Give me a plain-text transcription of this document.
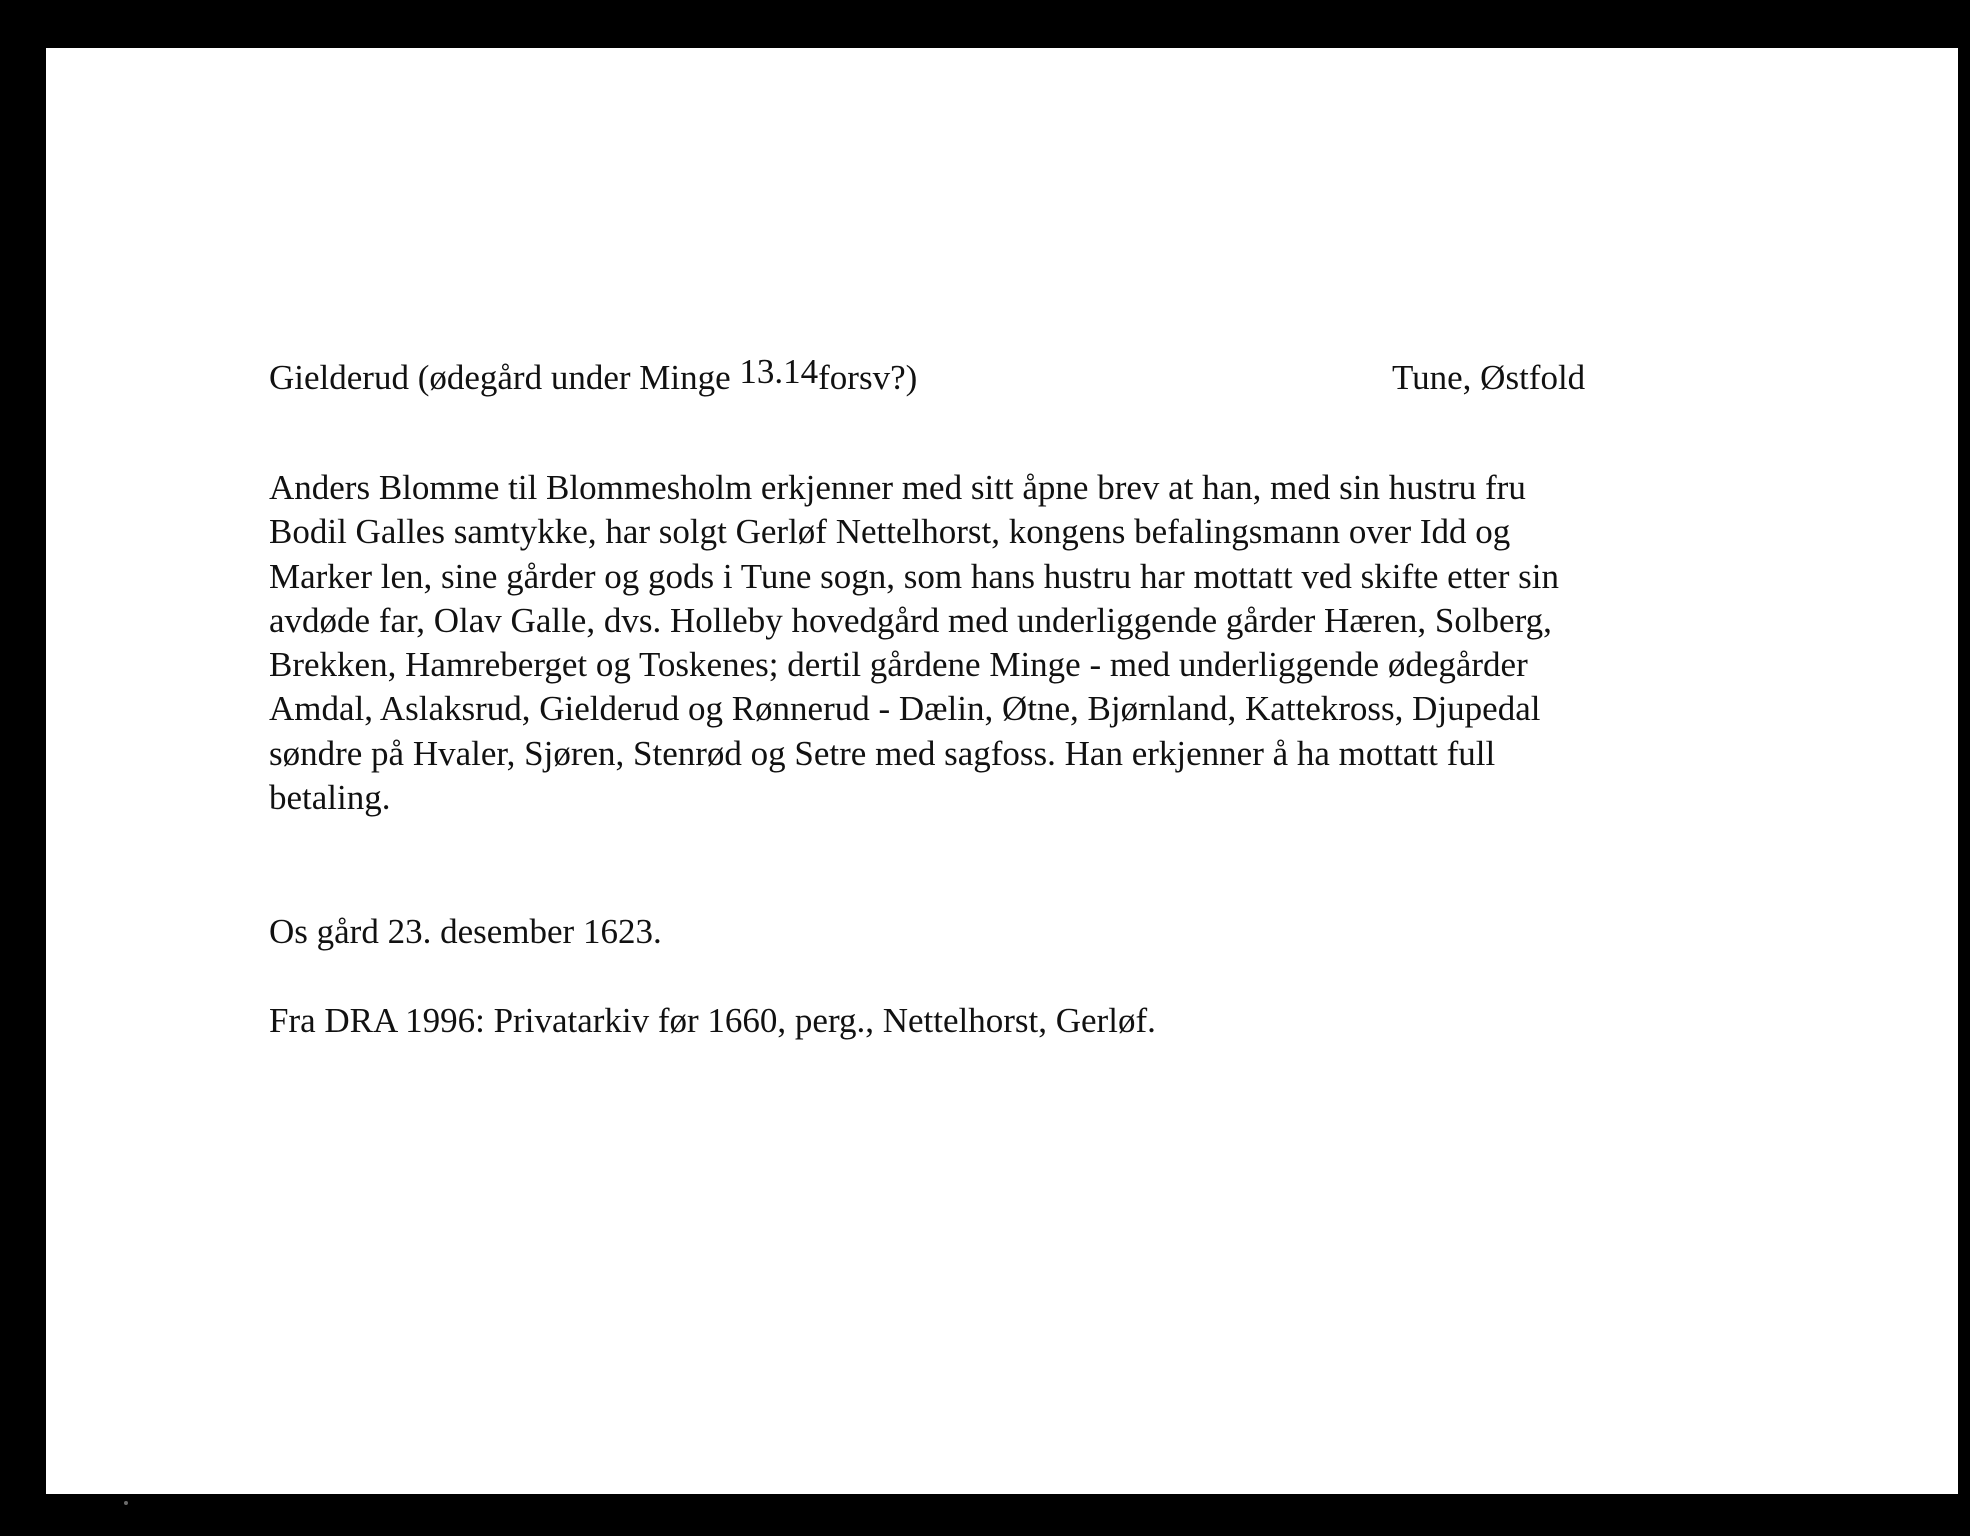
Gielderud (ødegård under Minge $^{13.14}$forsv?)	Tune, Østfold
Anders Blomme til Blommesholm erkjenner med sitt åpne brev at han, med sin hustru fru
Bodil Galles samtykke, har solgt Gerløf Nettelhorst, kongens befalingsmann over Idd og
Marker len, sine gårder og gods i Tune sogn, som hans hustru har mottatt ved skifte etter sin
avdøde far, Olav Galle, dvs. Holleby hovedgård med underliggende gårder Hæren, Solberg,
Brekken, Hamreberget og Toskenes; dertil gårdene Minge - med underliggende ødegårder
Amdal, Aslaksrud, Gielderud og Rønnerud - Dælin, Øtne, Bjørnland, Kattekross, Djupedal
søndre på Hvaler, Sjøren, Stenrød og Setre med sagfoss. Han erkjenner å ha mottatt full
betaling.

Os gård 23. desember 1623.

Fra DRA 1996: Privatarkiv før 1660, perg., Nettelhorst, Gerløf.
